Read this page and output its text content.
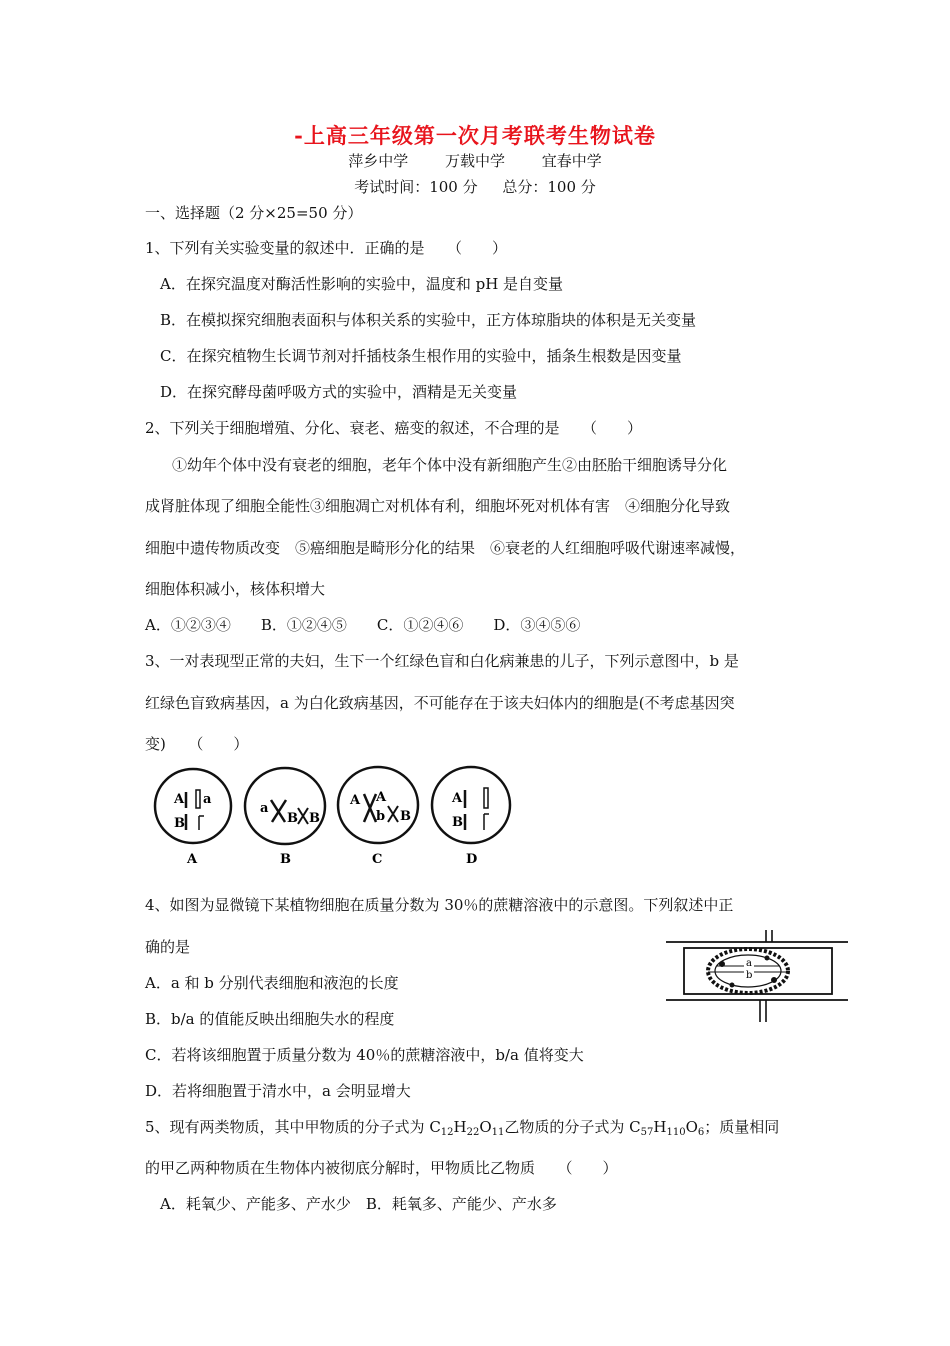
-上高三年级第一次月考联考生物试卷
萍乡中学 万载中学 宜春中学
考试时间：100 分 总分：100 分
一、选择题（2 分×25=50 分）
1、下列有关实验变量的叙述中．正确的是　　（　　）
A．在探究温度对酶活性影响的实验中，温度和 pH 是自变量
B．在模拟探究细胞表面积与体积关系的实验中，正方体琼脂块的体积是无关变量
C．在探究植物生长调节剂对扦插枝条生根作用的实验中，插条生根数是因变量
D．在探究酵母菌呼吸方式的实验中，酒精是无关变量
2、下列关于细胞增殖、分化、衰老、癌变的叙述，不合理的是　　（　　）
①幼年个体中没有衰老的细胞，老年个体中没有新细胞产生②由胚胎干细胞诱导分化
成肾脏体现了细胞全能性③细胞凋亡对机体有利，细胞坏死对机体有害　④细胞分化导致
细胞中遗传物质改变　⑤癌细胞是畸形分化的结果　⑥衰老的人红细胞呼吸代谢速率减慢，
细胞体积减小，核体积增大
A．①②③④　　B．①②④⑤　　C．①②④⑥　　D．③④⑤⑥
3、一对表现型正常的夫妇，生下一个红绿色盲和白化病兼患的儿子，下列示意图中，b 是
红绿色盲致病基因，a 为白化致病基因，不可能存在于该夫妇体内的细胞是(不考虑基因突
变)　　（　　）
A a
B
A
a
B B
B
A A
b B
C
A
B
D
4、如图为显微镜下某植物细胞在质量分数为 30％的蔗糖溶液中的示意图。下列叙述中正
确的是
A．a 和 b 分别代表细胞和液泡的长度
B．b/a 的值能反映出细胞失水的程度
C．若将该细胞置于质量分数为 40％的蔗糖溶液中，b/a 值将变大
D．若将细胞置于清水中，a 会明显增大
a
b
5、现有两类物质，其中甲物质的分子式为 $C_{12}H_{22}O_{11}$乙物质的分子式为 $C_{57}H_{110}O_6$；质量相同
的甲乙两种物质在生物体内被彻底分解时，甲物质比乙物质　　（　　）
A．耗氧少、产能多、产水少　B．耗氧多、产能少、产水多
